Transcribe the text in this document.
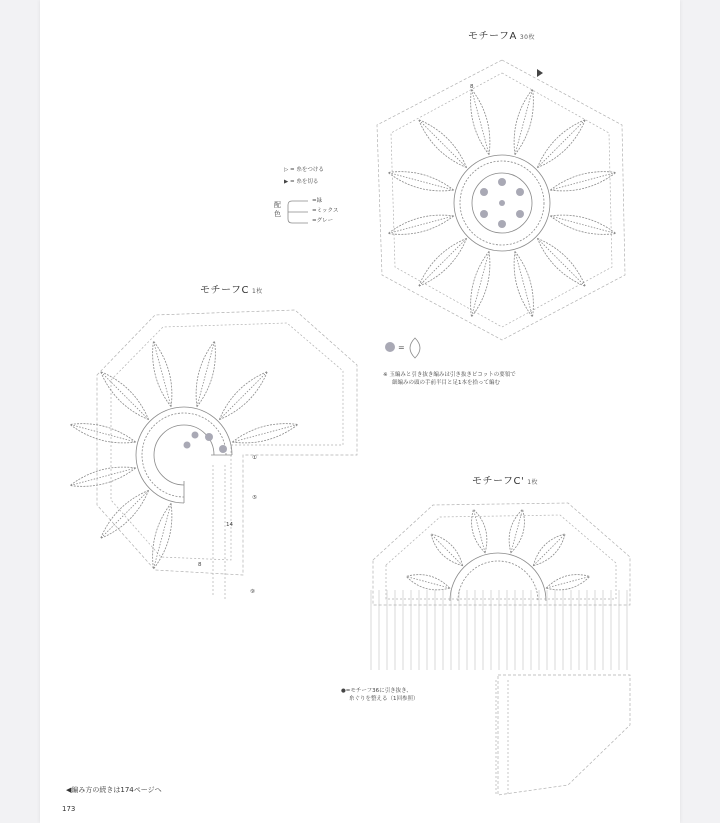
モチーフA 30枚
8
▷ = 糸をつける
▶ = 糸を切る
配
色
=緑
=ミックス
=グレー
=
※ 玉編みと引き抜き編みは引き抜きピコットの要領で
細編みの頭の手前半目と足1本を拾って編む
モチーフC 1枚
①
⑤
14
8
⑨
モチーフC' 1枚
●=モチーフ36に引き抜き、
糸ぐりを整える（1回参照）
◀編み方の続きは174ページへ
173
